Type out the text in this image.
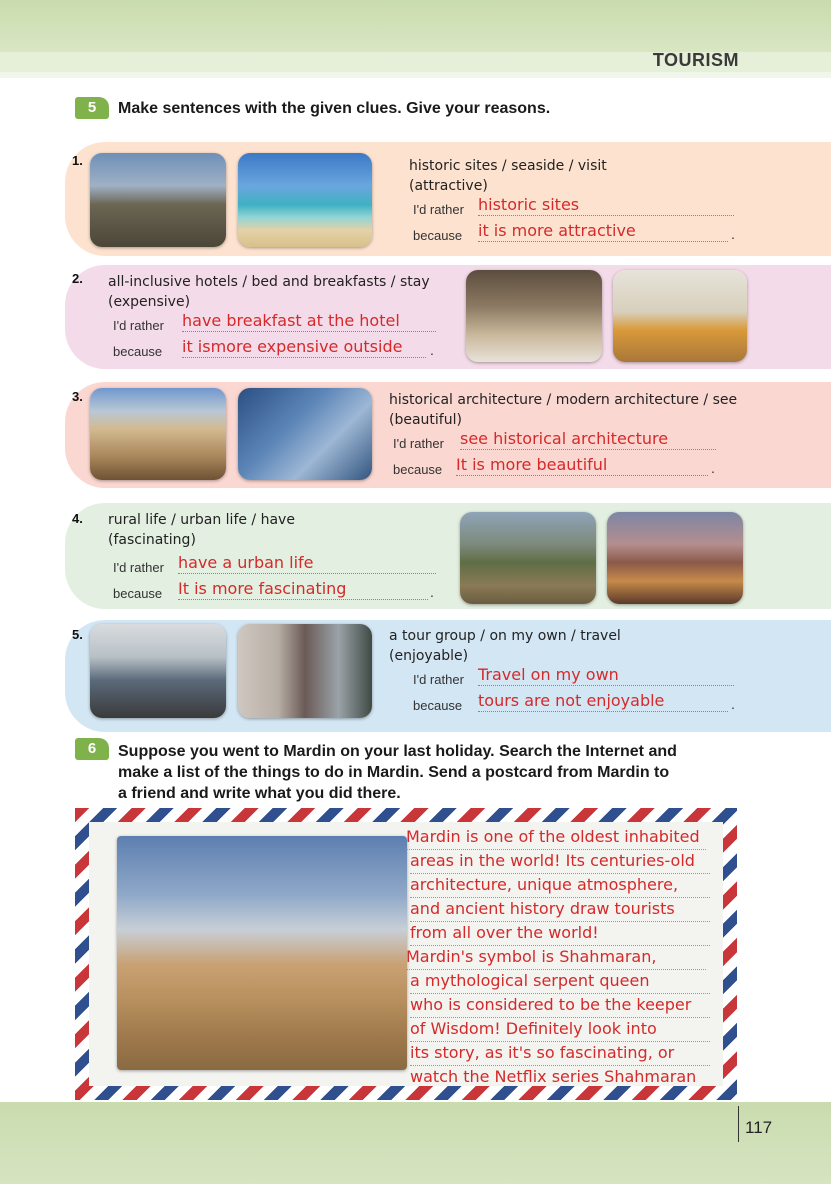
TOURISM
5	Make sentences with the given clues. Give your reasons.
1.	historic sites / seaside / visit
(attractive)
I'd rather historic sites
because it is more attractive	.
2. all-inclusive hotels / bed and breakfasts / stay
(expensive)
I'd rather have breakfast at the hotel
because it ismore expensive outside	.
3.	historical architecture / modern architecture / see
(beautiful)
I'd rather see historical architecture
because It is more beautiful	.
4. rural life / urban life / have
(fascinating)
I'd rather have a urban life
because It is more fascinating	.
5.	a tour group / on my own / travel
(enjoyable)
I'd rather Travel on my own
because tours are not enjoyable	.
6	Suppose you went to Mardin on your last holiday. Search the Internet and
make a list of the things to do in Mardin. Send a postcard from Mardin to
a friend and write what you did there.
Mardin is one of the oldest inhabited
areas in the world! Its centuries-old
architecture, unique atmosphere,
and ancient history draw tourists
from all over the world!
Mardin's symbol is Shahmaran,
a mythological serpent queen
who is considered to be the keeper
of Wisdom! Definitely look into
its story, as it's so fascinating, or
watch the Netflix series Shahmaran
117
